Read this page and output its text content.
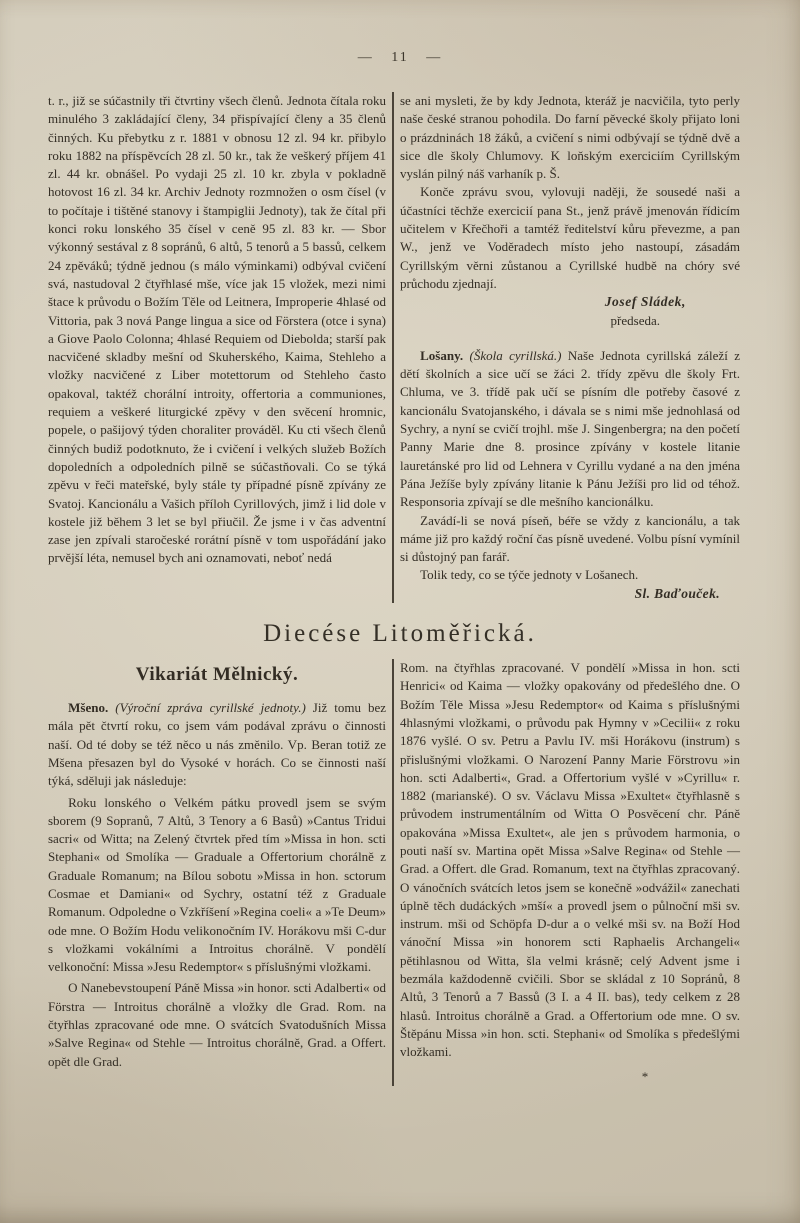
— 11 —
t. r., již se súčastnily tři čtvrtiny všech členů. Jednota čítala roku minulého 3 zakládající členy, 34 přispívající členy a 35 členů činných. Ku přebytku z r. 1881 v obnosu 12 zl. 94 kr. přibylo roku 1882 na příspěvcích 28 zl. 50 kr., tak že veškerý příjem 41 zl. 44 kr. obnášel. Po vydaji 25 zl. 10 kr. zbyla v pokladně hotovost 16 zl. 34 kr. Archiv Jednoty rozmnožen o osm čísel (v to počítaje i tištěné stanovy i štampiglii Jednoty), tak že čítal při konci roku lonského 35 čísel v ceně 95 zl. 83 kr. — Sbor výkonný sestával z 8 sopránů, 6 altů, 5 tenorů a 5 bassů, celkem 24 zpěváků; týdně jednou (s málo výminkami) odbýval cvičení svá, nastudoval 2 čtyřhlasé mše, více jak 15 vložek, mezi nimi štace k průvodu o Božím Těle od Leitnera, Improperie 4hlasé od Vittoria, pak 3 nová Pange lingua a sice od Förstera (otce i syna) a Giove Paolo Colonna; 4hlasé Requiem od Diebolda; starší pak nacvičené skladby mešní od Skuherského, Kaima, Stehleho a vložky nacvičené z Liber motettorum od Stehleho často opakoval, taktéž chorální introity, offertoria a communiones, requiem a veškeré liturgické zpěvy v den svěcení hromnic, popele, o pašijový týden choraliter prováděl. Ku cti všech členů činných budiž podotknuto, že i cvičení i velkých služeb Božích dopoledních a odpoledních pilně se súčastňovali. Co se týká zpěvu v řeči mateřské, byly stále ty případné písně zpívány ze Svatoj. Kancionálu a Vašich příloh Cyrillových, jimž i lid dole v kostele již během 3 let se byl přiučil. Že jsme i v čas adventní zase jen zpívali staročeské rorátní písně v tom uspořádání jako prvější léta, nemusel bych ani oznamovati, neboť nedá
se ani mysleti, že by kdy Jednota, kteráž je nacvičila, tyto perly naše české stranou pohodila. Do farní pěvecké školy přijato loni o prázdninách 18 žáků, a cvičení s nimi odbývají se týdně dvě a sice dle školy Chlumovy. K loňským exerciciím Cyrillským vyslán pilný náš varhaník p. Š.
Konče zprávu svou, vylovuji naději, že sousedé naši a účastníci těchže exercicií pana St., jenž právě jmenován řídicím učitelem v Křečhoři a tamtéž ředitelství kůru převezme, a pan W., jenž ve Voděradech místo jeho nastoupí, zásadám Cyrillským věrni zůstanou a Cyrillské hudbě na chóry své průchodu zjednají.
Josef Sládek,
předseda.
Lošany. (Škola cyrillská.) Naše Jednota cyrillská záleží z dětí školních a sice učí se žáci 2. třídy zpěvu dle školy Frt. Chluma, ve 3. třídě pak učí se písním dle potřeby časové z kancionálu Svatojanského, i dávala se s nimi mše jednohlasá od Sychry, a nyní se cvičí trojhl. mše J. Singenbergra; na den početí Panny Marie dne 8. prosince zpívány v kostele litanie lauretánské pro lid od Lehnera v Cyrillu vydané a na den jména Pána Ježíše byly zpívány litanie k Pánu Ježíši pro lid od téhož. Responsoria zpívají se dle mešního kancionálku.
Zavádí-li se nová píseň, béře se vždy z kancionálu, a tak máme již pro každý roční čas písně uvedené. Volbu písní vymínil si důstojný pan farář.
Tolik tedy, co se týče jednoty v Lošanech.
Sl. Baďouček.
Diecése Litoměřická.
Vikariát Mělnický.
Mšeno. (Výroční zpráva cyrillské jednoty.) Již tomu bez mála pět čtvrtí roku, co jsem vám podával zprávu o činnosti naší. Od té doby se též něco u nás změnilo. Vp. Beran totiž ze Mšena přesazen byl do Vysoké v horách. Co se činnosti naší týká, sděluji jak následuje:
Roku lonského o Velkém pátku provedl jsem se svým sborem (9 Sopranů, 7 Altů, 3 Tenory a 6 Basů) »Cantus Tridui sacri« od Witta; na Zelený čtvrtek před tím »Missa in hon. scti Stephani« od Smolíka — Graduale a Offertorium chorálně z Graduale Romanum; na Bílou sobotu »Missa in hon. sctorum Cosmae et Damiani« od Sychry, ostatní též z Graduale Romanum. Odpoledne o Vzkříšení »Regina coeli« a »Te Deum» ode mne. O Božím Hodu velikonočním IV. Horákovu mši C-dur s vložkami vokálními a Introitus chorálně. V pondělí velkonoční: Missa »Jesu Redemptor« s příslušnými vložkami.
O Nanebevstoupení Páně Missa »in honor. scti Adalberti« od Förstra — Introitus chorálně a vložky dle Grad. Rom. na čtyřhlas zpracované ode mne. O svátcích Svatodušních Missa »Salve Regina« od Stehle — Introitus chorálně, Grad. a Offert. opět dle Grad.
Rom. na čtyřhlas zpracované. V pondělí »Missa in hon. scti Henrici« od Kaima — vložky opakovány od předešlého dne. O Božím Těle Missa »Jesu Redemptor« od Kaima s příslušnými 4hlasnými vložkami, o průvodu pak Hymny v »Cecilii« z roku 1876 vyšlé. O sv. Petru a Pavlu IV. mši Horákovu (instrum) s přislušnými vložkami. O Narození Panny Marie Förstrovu »in hon. scti Adalberti«, Grad. a Offertorium vyšlé v »Cyrillu« r. 1882 (marianské). O sv. Václavu Missa »Exultet« čtyřhlasně s průvodem instrumentálním od Witta O Posvěcení chr. Páně opakována »Missa Exultet«, ale jen s průvodem harmonia, o pouti naší sv. Martina opět Missa »Salve Regina« od Stehle — Grad. a Offert. dle Grad. Romanum, text na čtyřhlas zpracovaný. O vánočních svátcích letos jsem se konečně »odvážil« zanechati úplně těch dudáckých »mší« a provedl jsem o půlnoční mši sv. instrum. mši od Schöpfa D-dur a o velké mši sv. na Boží Hod vánoční Missa »in honorem scti Raphaelis Archangeli« pětihlasnou od Witta, šla velmi krásně; celý Advent jsme i bezmála každodenně cvičili. Sbor se skládal z 10 Sopránů, 8 Altů, 3 Tenorů a 7 Bassů (3 I. a 4 II. bas), tedy celkem z 28 hlasů. Introitus chorálně a Grad. a Offertorium ode mne. O sv. Štěpánu Missa »in hon. scti. Stephani« od Smolíka s předešlými vložkami.
*
